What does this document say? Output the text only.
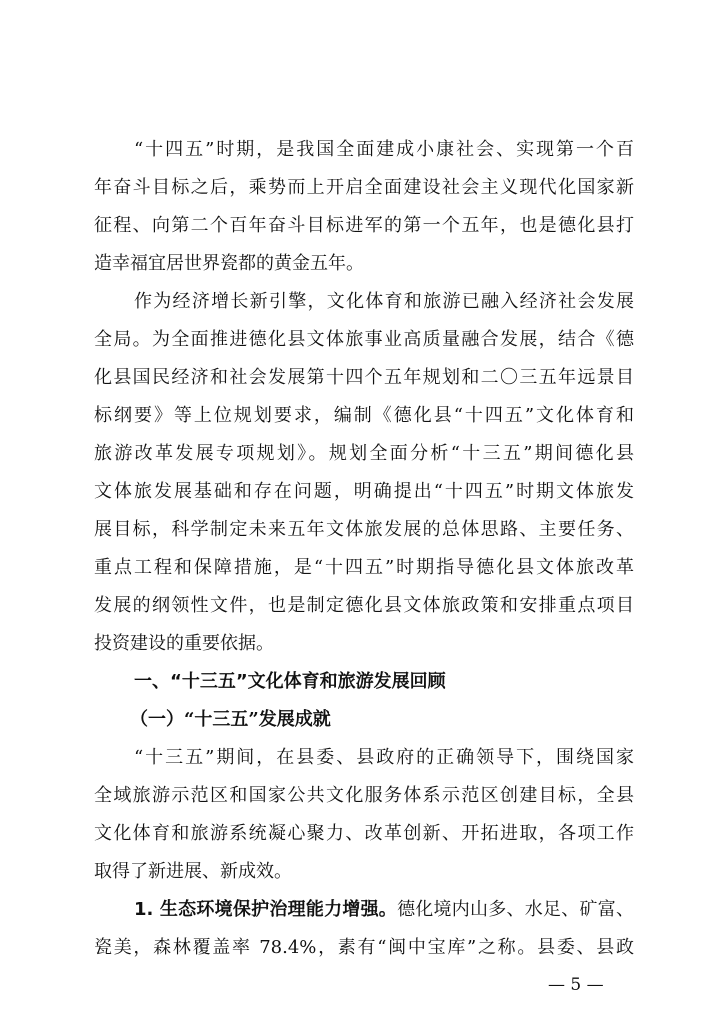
“十四五”时期，是我国全面建成小康社会、实现第一个百
年奋斗目标之后，乘势而上开启全面建设社会主义现代化国家新
征程、向第二个百年奋斗目标进军的第一个五年，也是德化县打
造幸福宜居世界瓷都的黄金五年。
作为经济增长新引擎，文化体育和旅游已融入经济社会发展
全局。为全面推进德化县文体旅事业高质量融合发展，结合《德
化县国民经济和社会发展第十四个五年规划和二〇三五年远景目
标纲要》等上位规划要求，编制《德化县“十四五”文化体育和
旅游改革发展专项规划》。规划全面分析“十三五”期间德化县
文体旅发展基础和存在问题，明确提出“十四五”时期文体旅发
展目标，科学制定未来五年文体旅发展的总体思路、主要任务、
重点工程和保障措施，是“十四五”时期指导德化县文体旅改革
发展的纲领性文件，也是制定德化县文体旅政策和安排重点项目
投资建设的重要依据。
一、“十三五”文化体育和旅游发展回顾
（一）“十三五”发展成就
“十三五”期间，在县委、县政府的正确领导下，围绕国家
全域旅游示范区和国家公共文化服务体系示范区创建目标，全县
文化体育和旅游系统凝心聚力、改革创新、开拓进取，各项工作
取得了新进展、新成效。
1. 生态环境保护治理能力增强。德化境内山多、水足、矿富、
瓷美，森林覆盖率 78.4%，素有“闽中宝库”之称。县委、县政
— 5 —
